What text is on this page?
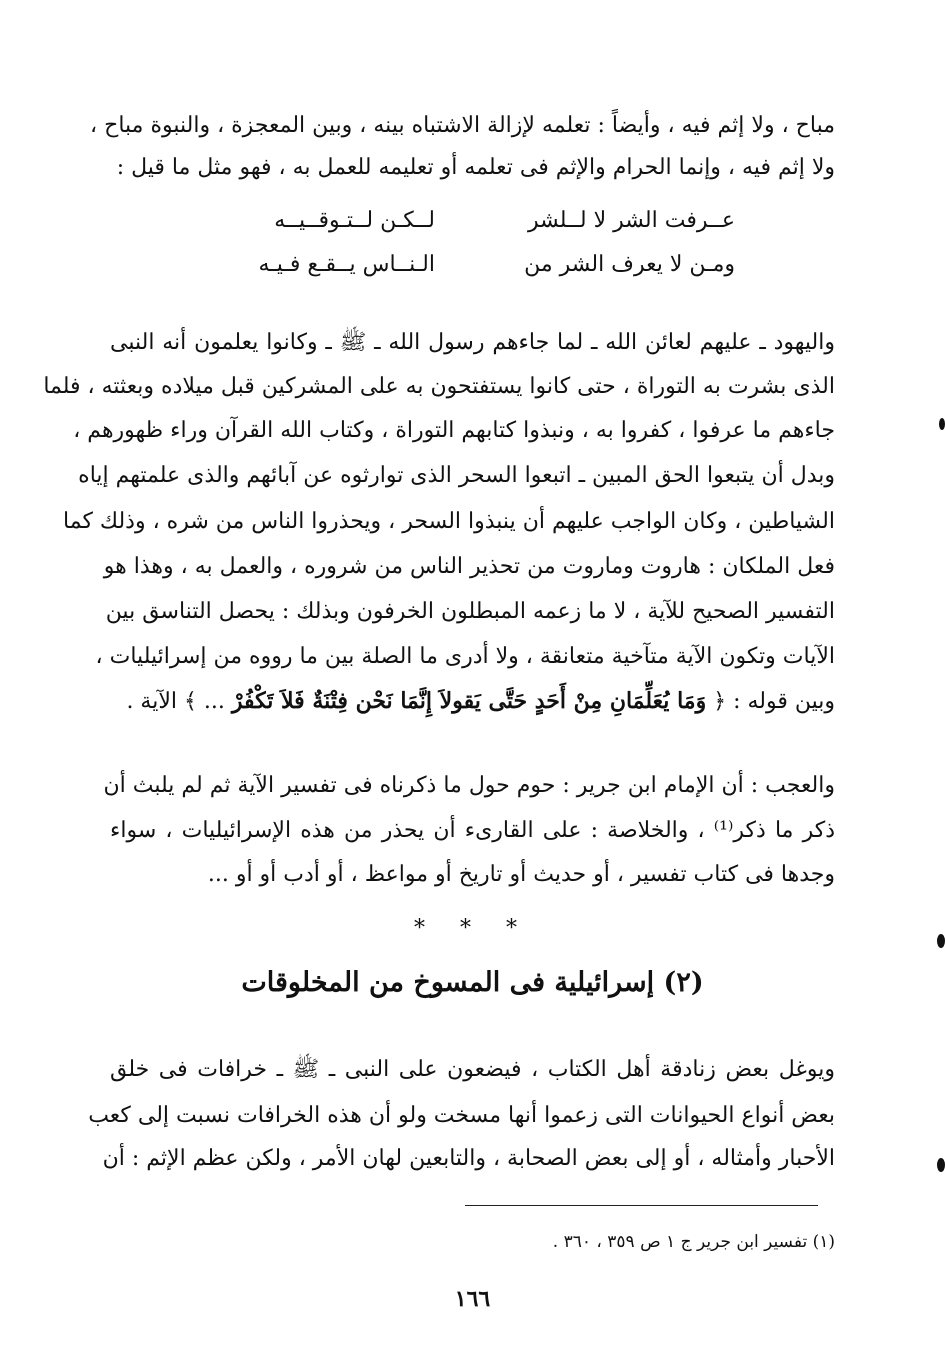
مباح ، ولا إثم فيه ، وأيضاً : تعلمه لإزالة الاشتباه بينه ، وبين المعجزة ، والنبوة مباح ،
ولا إثم فيه ، وإنما الحرام والإثم فى تعلمه أو تعليمه للعمل به ، فهو مثل ما قيل :
عــرفت الشر لا لــلشر
لــكـن لــتـوقــيــه
ومـن لا يعرف الشر من
الـنــاس يــقـع فـيـه
واليهود ـ عليهم لعائن الله ـ لما جاءهم رسول الله ـ ﷺ ـ وكانوا يعلمون أنه النبى
الذى بشرت به التوراة ، حتى كانوا يستفتحون به على المشركين قبل ميلاده وبعثته ، فلما
جاءهم ما عرفوا ، كفروا به ، ونبذوا كتابهم التوراة ، وكتاب الله القرآن وراء ظهورهم ،
وبدل أن يتبعوا الحق المبين ـ اتبعوا السحر الذى توارثوه عن آبائهم والذى علمتهم إياه
الشياطين ، وكان الواجب عليهم أن ينبذوا السحر ، ويحذروا الناس من شره ، وذلك كما
فعل الملكان : هاروت وماروت من تحذير الناس من شروره ، والعمل به ، وهذا هو
التفسير الصحيح للآية ، لا ما زعمه المبطلون الخرفون وبذلك : يحصل التناسق بين
الآيات وتكون الآية متآخية متعانقة ، ولا أدرى ما الصلة بين ما رووه من إسرائيليات ،
وبين قوله : ﴿ وَمَا يُعَلِّمَانِ مِنْ أَحَدٍ حَتَّى يَقولاَ إِنَّمَا نَحْن فِتْنَةٌ فَلاَ تَكْفُرْ ... ﴾ الآية .
والعجب : أن الإمام ابن جرير : حوم حول ما ذكرناه فى تفسير الآية ثم لم يلبث أن
ذكر ما ذكر⁽¹⁾ ، والخلاصة : على القارىء أن يحذر من هذه الإسرائيليات ، سواء
وجدها فى كتاب تفسير ، أو حديث أو تاريخ أو مواعظ ، أو أدب أو أو ...
* * *
(٢) إسرائيلية فى المسوخ من المخلوقات
ويوغل بعض زنادقة أهل الكتاب ، فيضعون على النبى ـ ﷺ ـ خرافات فى خلق
بعض أنواع الحيوانات التى زعموا أنها مسخت ولو أن هذه الخرافات نسبت إلى كعب
الأحبار وأمثاله ، أو إلى بعض الصحابة ، والتابعين لهان الأمر ، ولكن عظم الإثم : أن
(١) تفسير ابن جرير ج ١ ص ٣٥٩ ، ٣٦٠ .
١٦٦
